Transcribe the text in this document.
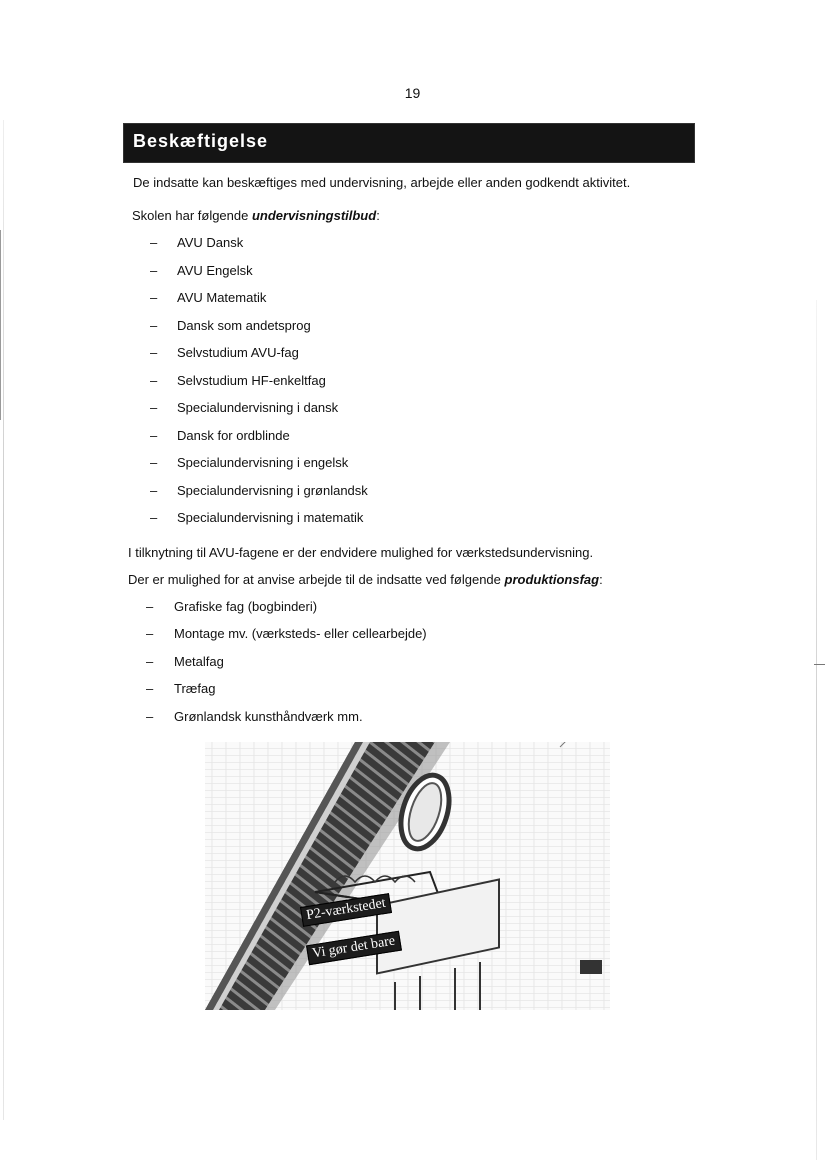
19
Beskæftigelse
De indsatte kan beskæftiges med undervisning, arbejde eller anden godkendt aktivitet.
Skolen har følgende undervisningstilbud:
– AVU Dansk
– AVU Engelsk
– AVU Matematik
– Dansk som andetsprog
– Selvstudium AVU-fag
– Selvstudium HF-enkeltfag
– Specialundervisning i dansk
– Dansk for ordblinde
– Specialundervisning i engelsk
– Specialundervisning i grønlandsk
– Specialundervisning i matematik
I tilknytning til AVU-fagene er der endvidere mulighed for værkstedsundervisning.
Der er mulighed for at anvise arbejde til de indsatte ved følgende produktionsfag:
– Grafiske fag (bogbinderi)
– Montage mv. (værksteds- eller cellearbejde)
– Metalfag
– Træfag
– Grønlandsk kunsthåndværk mm.
P2-værkstedet
Vi gør det bare
